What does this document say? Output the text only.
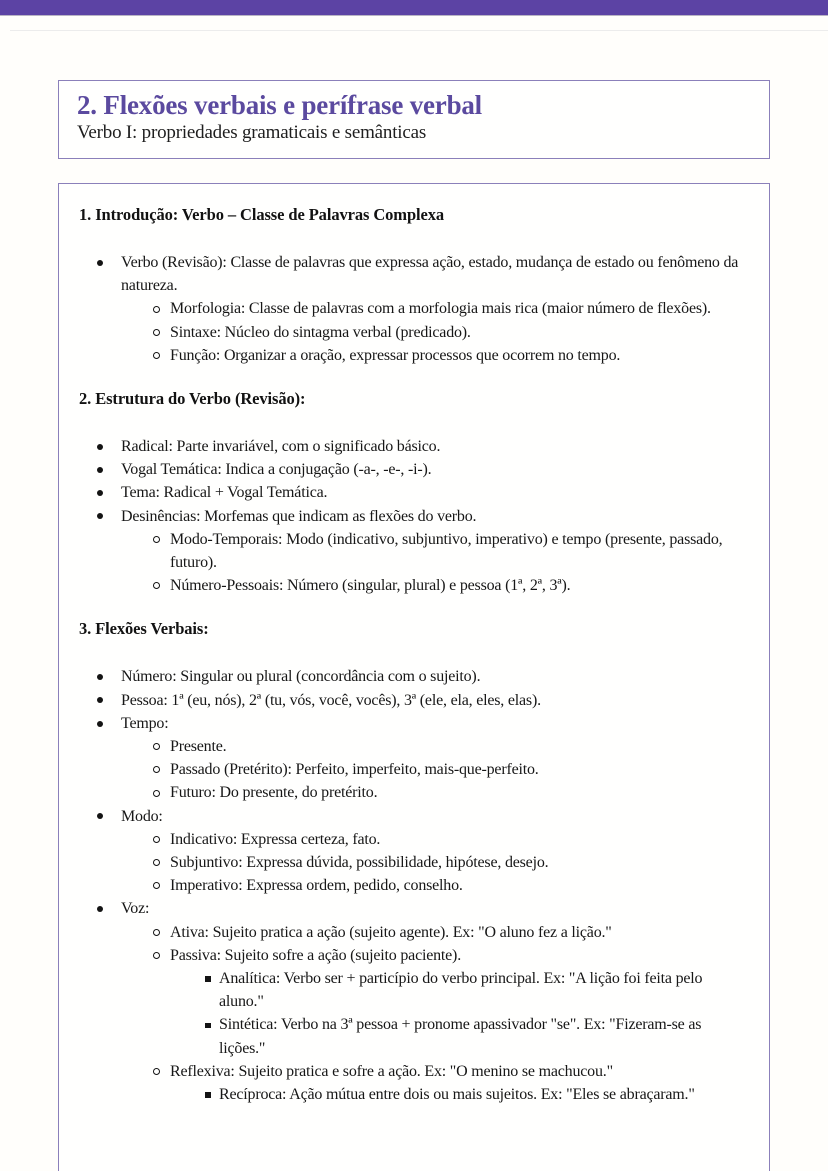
2. Flexões verbais e perífrase verbal
Verbo I: propriedades gramaticais e semânticas
1. Introdução: Verbo – Classe de Palavras Complexa
Verbo (Revisão): Classe de palavras que expressa ação, estado, mudança de estado ou fenômeno da natureza.
Morfologia: Classe de palavras com a morfologia mais rica (maior número de flexões).
Sintaxe: Núcleo do sintagma verbal (predicado).
Função: Organizar a oração, expressar processos que ocorrem no tempo.
2. Estrutura do Verbo (Revisão):
Radical: Parte invariável, com o significado básico.
Vogal Temática: Indica a conjugação (-a-, -e-, -i-).
Tema: Radical + Vogal Temática.
Desinências: Morfemas que indicam as flexões do verbo.
Modo-Temporais: Modo (indicativo, subjuntivo, imperativo) e tempo (presente, passado, futuro).
Número-Pessoais: Número (singular, plural) e pessoa (1ª, 2ª, 3ª).
3. Flexões Verbais:
Número: Singular ou plural (concordância com o sujeito).
Pessoa: 1ª (eu, nós), 2ª (tu, vós, você, vocês), 3ª (ele, ela, eles, elas).
Tempo:
Presente.
Passado (Pretérito): Perfeito, imperfeito, mais-que-perfeito.
Futuro: Do presente, do pretérito.
Modo:
Indicativo: Expressa certeza, fato.
Subjuntivo: Expressa dúvida, possibilidade, hipótese, desejo.
Imperativo: Expressa ordem, pedido, conselho.
Voz:
Ativa: Sujeito pratica a ação (sujeito agente). Ex: "O aluno fez a lição."
Passiva: Sujeito sofre a ação (sujeito paciente).
Analítica: Verbo ser + particípio do verbo principal. Ex: "A lição foi feita pelo aluno."
Sintética: Verbo na 3ª pessoa + pronome apassivador "se". Ex: "Fizeram-se as lições."
Reflexiva: Sujeito pratica e sofre a ação. Ex: "O menino se machucou."
Recíproca: Ação mútua entre dois ou mais sujeitos. Ex: "Eles se abraçaram."
